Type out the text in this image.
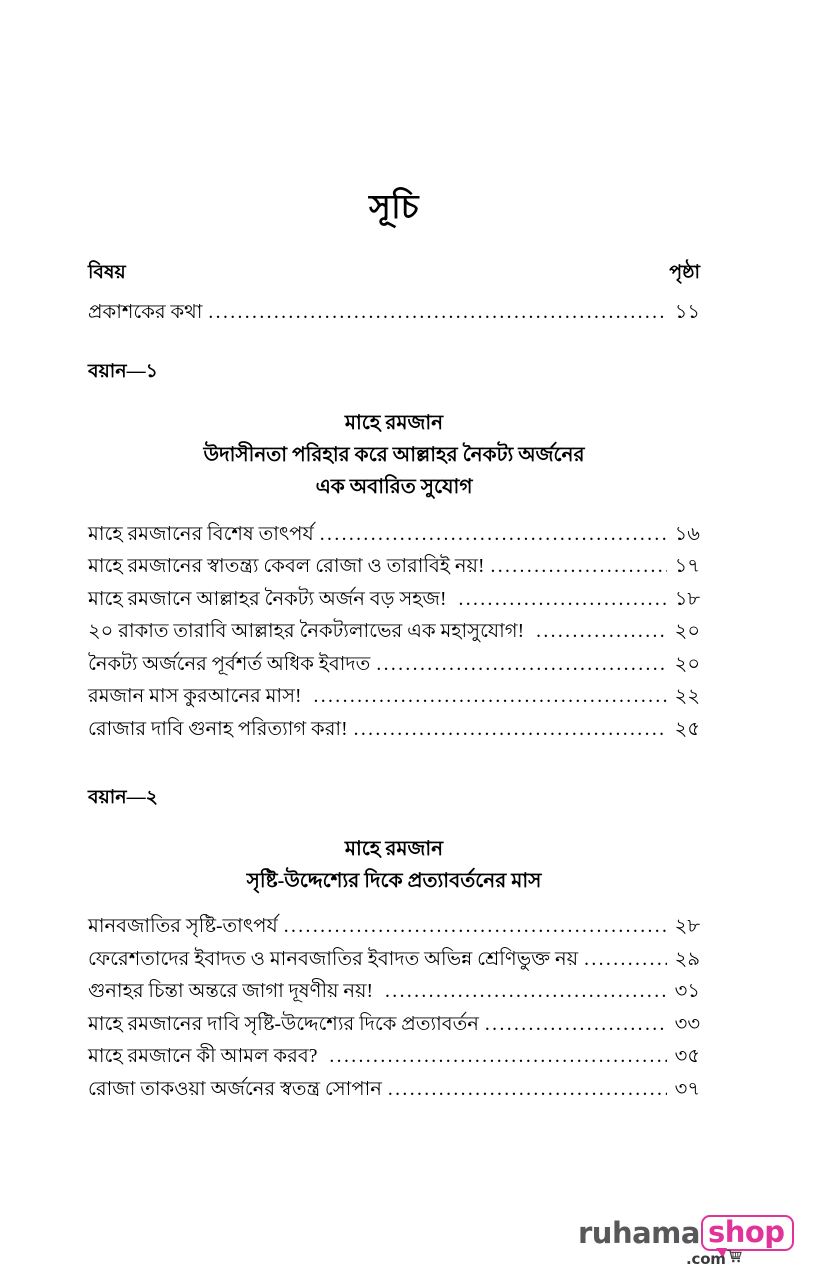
সূচি
বিষয়	পৃষ্ঠা
প্রকাশকের কথা .....	১১

বয়ান—১

মাহে রমজান
উদাসীনতা পরিহার করে আল্লাহর নৈকট্য অর্জনের
এক অবারিত সুযোগ
মাহে রমজানের বিশেষ তাৎপর্য .....	১৬
মাহে রমজানের স্বাতন্ত্র্য কেবল রোজা ও তারাবিই নয়! .....	১৭
মাহে রমজানে আল্লাহর নৈকট্য অর্জন বড় সহজ! .....	১৮
২০ রাকাত তারাবি আল্লাহর নৈকট্যলাভের এক মহাসুযোগ! .....	২০
নৈকট্য অর্জনের পূর্বশর্ত অধিক ইবাদত .....	২০
রমজান মাস কুরআনের মাস! .....	২২
রোজার দাবি গুনাহ পরিত্যাগ করা! .....	২৫

বয়ান—২

মাহে রমজান
সৃষ্টি-উদ্দেশ্যের দিকে প্রত্যাবর্তনের মাস
মানবজাতির সৃষ্টি-তাৎপর্য .....	২৮
ফেরেশতাদের ইবাদত ও মানবজাতির ইবাদত অভিন্ন শ্রেণিভুক্ত নয় .....	২৯
গুনাহর চিন্তা অন্তরে জাগা দূষণীয় নয়! .....	৩১
মাহে রমজানের দাবি সৃষ্টি-উদ্দেশ্যের দিকে প্রত্যাবর্তন .....	৩৩
মাহে রমজানে কী আমল করব? .....	৩৫
রোজা তাকওয়া অর্জনের স্বতন্ত্র সোপান .....	৩৭
ruhama shop
.com
